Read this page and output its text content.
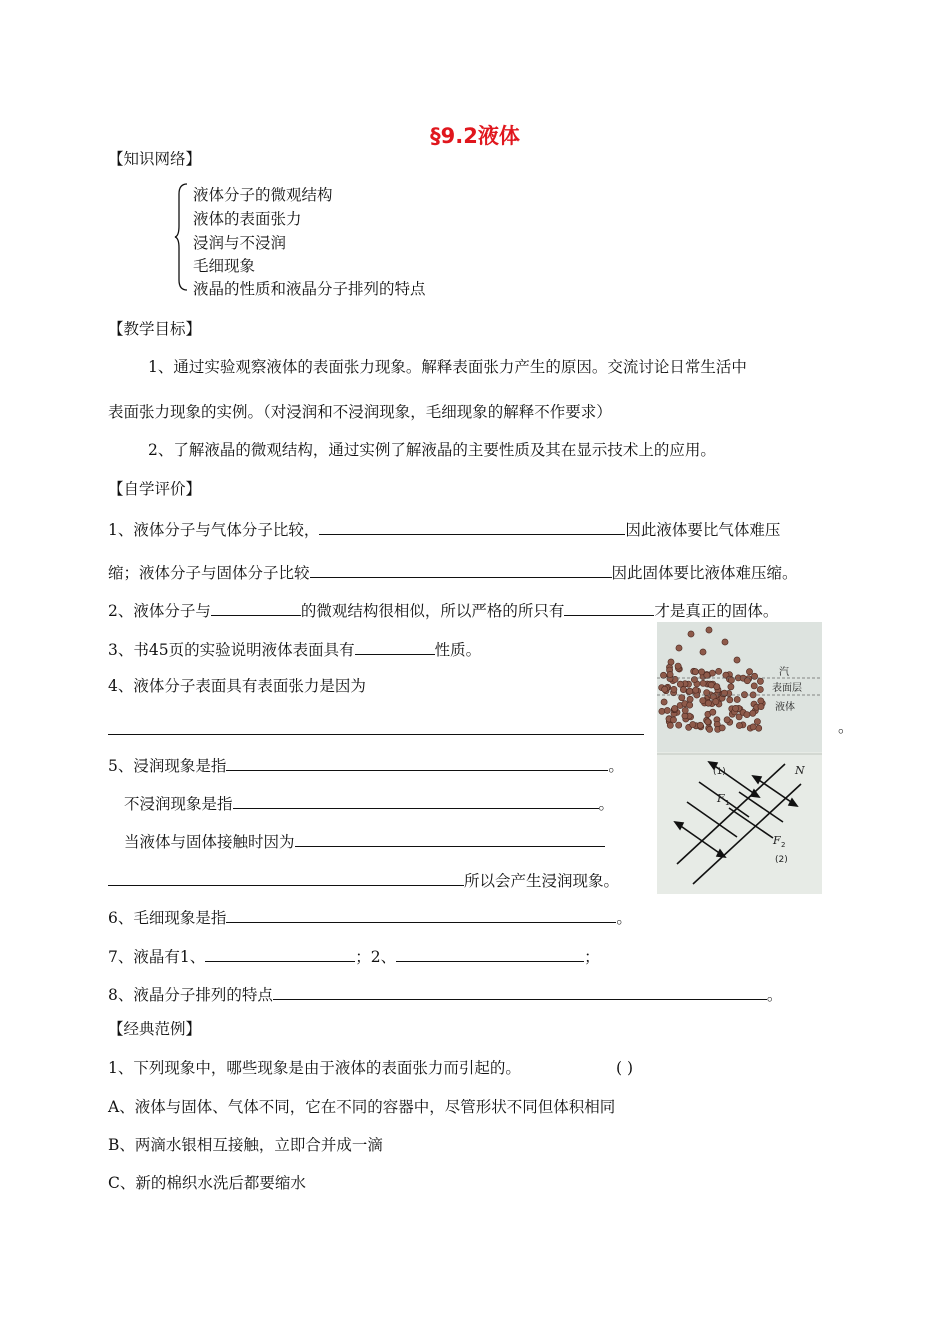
§9.2液体
【知识网络】
液体分子的微观结构
液体的表面张力
浸润与不浸润
毛细现象
液晶的性质和液晶分子排列的特点
【教学目标】
1、通过实验观察液体的表面张力现象。解释表面张力产生的原因。交流讨论日常生活中
表面张力现象的实例。（对浸润和不浸润现象，毛细现象的解释不作要求）
2、了解液晶的微观结构，通过实例了解液晶的主要性质及其在显示技术上的应用。
【自学评价】
1、液体分子与气体分子比较，	因此液体要比气体难压
缩；液体分子与固体分子比较	因此固体要比液体难压缩。
2、液体分子与	的微观结构很相似，所以严格的所只有	才是真正的固体。
3、书45页的实验说明液体表面具有	性质。
4、液体分子表面具有表面张力是因为
。
5、浸润现象是指	。
不浸润现象是指	。
当液体与固体接触时因为
所以会产生浸润现象。
6、毛细现象是指	。
7、液晶有1、	；2、	；
8、液晶分子排列的特点	。
汽
表面层
液体
(1)	N
F 1
F 2
(2)
【经典范例】
1、下列现象中，哪些现象是由于液体的表面张力而引起的。	( )
A、液体与固体、气体不同，它在不同的容器中，尽管形状不同但体积相同
B、两滴水银相互接触，立即合并成一滴
C、新的棉织水洗后都要缩水
